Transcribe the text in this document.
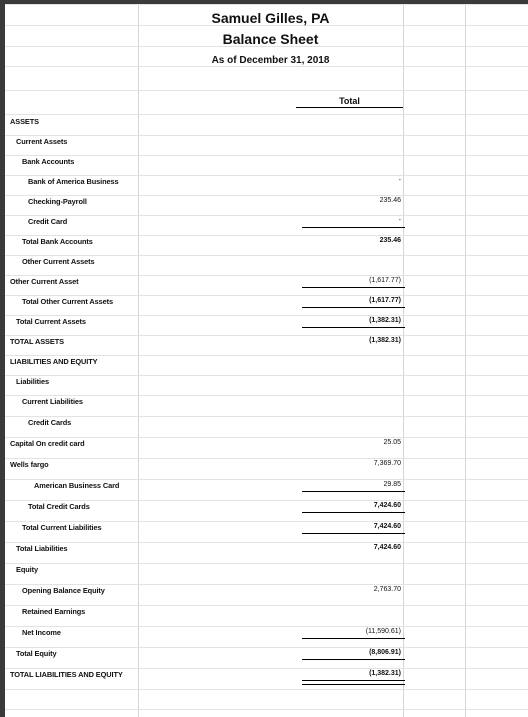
Samuel Gilles, PA
Balance Sheet
As of December 31, 2018
Total
ASSETS
Current Assets
Bank Accounts
Bank of America Business	-
Checking-Payroll	235.46
Credit Card	-
Total Bank Accounts	235.46
Other Current Assets
Other Current Asset	(1,617.77)
Total Other Current Assets	(1,617.77)
Total Current Assets	(1,382.31)
TOTAL ASSETS	(1,382.31)
LIABILITIES AND EQUITY
Liabilities
Current Liabilities
Credit Cards
Capital On credit card	25.05
Wells fargo	7,369.70
American Business Card	29.85
Total Credit Cards	7,424.60
Total Current Liabilities	7,424.60
Total Liabilities	7,424.60
Equity
Opening Balance Equity	2,763.70
Retained Earnings
Net Income	(11,590.61)
Total Equity	(8,806.91)
TOTAL LIABILITIES AND EQUITY	(1,382.31)
